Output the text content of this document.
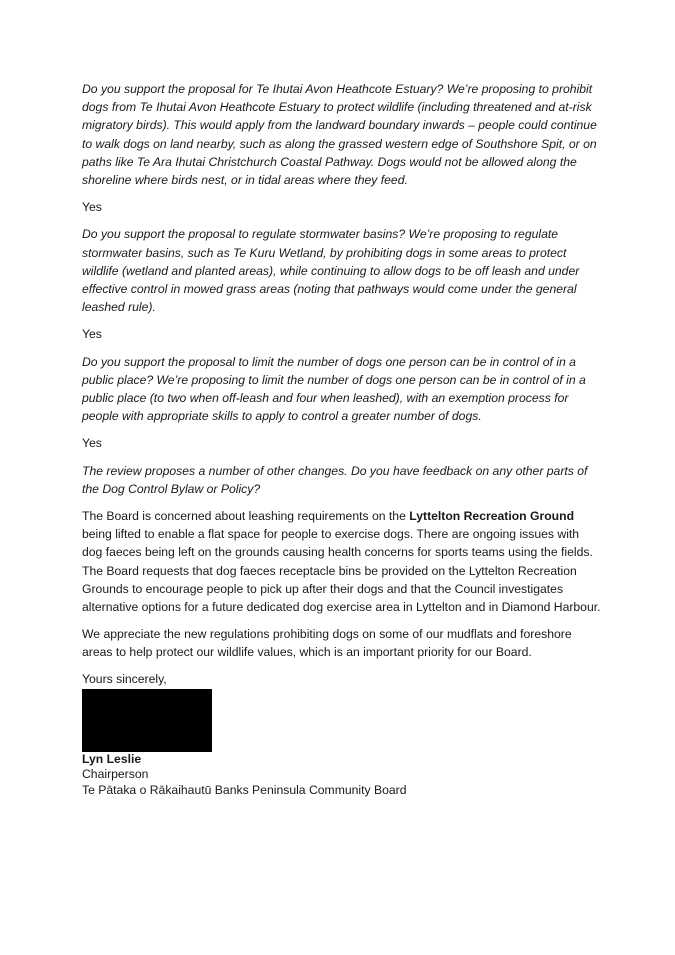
Do you support the proposal for Te Ihutai Avon Heathcote Estuary? We’re proposing to prohibit dogs from Te Ihutai Avon Heathcote Estuary to protect wildlife (including threatened and at-risk migratory birds). This would apply from the landward boundary inwards – people could continue to walk dogs on land nearby, such as along the grassed western edge of Southshore Spit, or on paths like Te Ara Ihutai Christchurch Coastal Pathway. Dogs would not be allowed along the shoreline where birds nest, or in tidal areas where they feed.

Yes

Do you support the proposal to regulate stormwater basins? We’re proposing to regulate stormwater basins, such as Te Kuru Wetland, by prohibiting dogs in some areas to protect wildlife (wetland and planted areas), while continuing to allow dogs to be off leash and under effective control in mowed grass areas (noting that pathways would come under the general leashed rule).

Yes

Do you support the proposal to limit the number of dogs one person can be in control of in a public place? We’re proposing to limit the number of dogs one person can be in control of in a public place (to two when off-leash and four when leashed), with an exemption process for people with appropriate skills to apply to control a greater number of dogs.

Yes

The review proposes a number of other changes. Do you have feedback on any other parts of the Dog Control Bylaw or Policy?

The Board is concerned about leashing requirements on the Lyttelton Recreation Ground being lifted to enable a flat space for people to exercise dogs. There are ongoing issues with dog faeces being left on the grounds causing health concerns for sports teams using the fields. The Board requests that dog faeces receptacle bins be provided on the Lyttelton Recreation Grounds to encourage people to pick up after their dogs and that the Council investigates alternative options for a future dedicated dog exercise area in Lyttelton and in Diamond Harbour.

We appreciate the new regulations prohibiting dogs on some of our mudflats and foreshore areas to help protect our wildlife values, which is an important priority for our Board.

Yours sincerely,

Lyn Leslie

Chairperson

Te Pātaka o Rākaihautū Banks Peninsula Community Board
